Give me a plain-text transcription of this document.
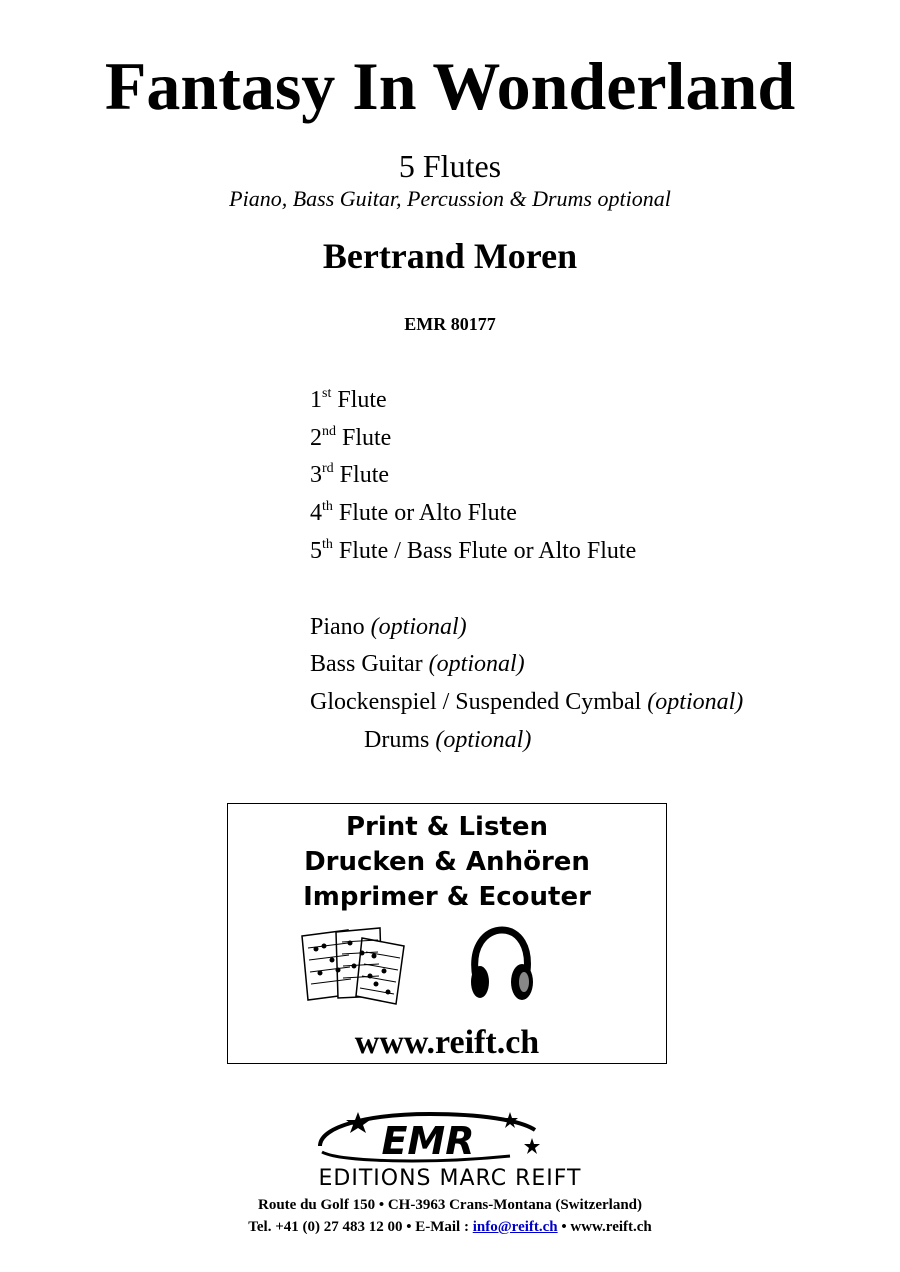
Fantasy In Wonderland
5 Flutes
Piano, Bass Guitar, Percussion & Drums optional
Bertrand Moren
EMR 80177
1st Flute
2nd Flute
3rd Flute
4th Flute or Alto Flute
5th Flute / Bass Flute or Alto Flute
Piano (optional)
Bass Guitar (optional)
Glockenspiel / Suspended Cymbal (optional)
Drums (optional)
Print & Listen
Drucken & Anhören
Imprimer & Ecouter
www.reift.ch
EMR
EDITIONS MARC REIFT
Route du Golf 150 • CH-3963 Crans-Montana (Switzerland)
Tel. +41 (0) 27 483 12 00 • E-Mail : info@reift.ch • www.reift.ch
